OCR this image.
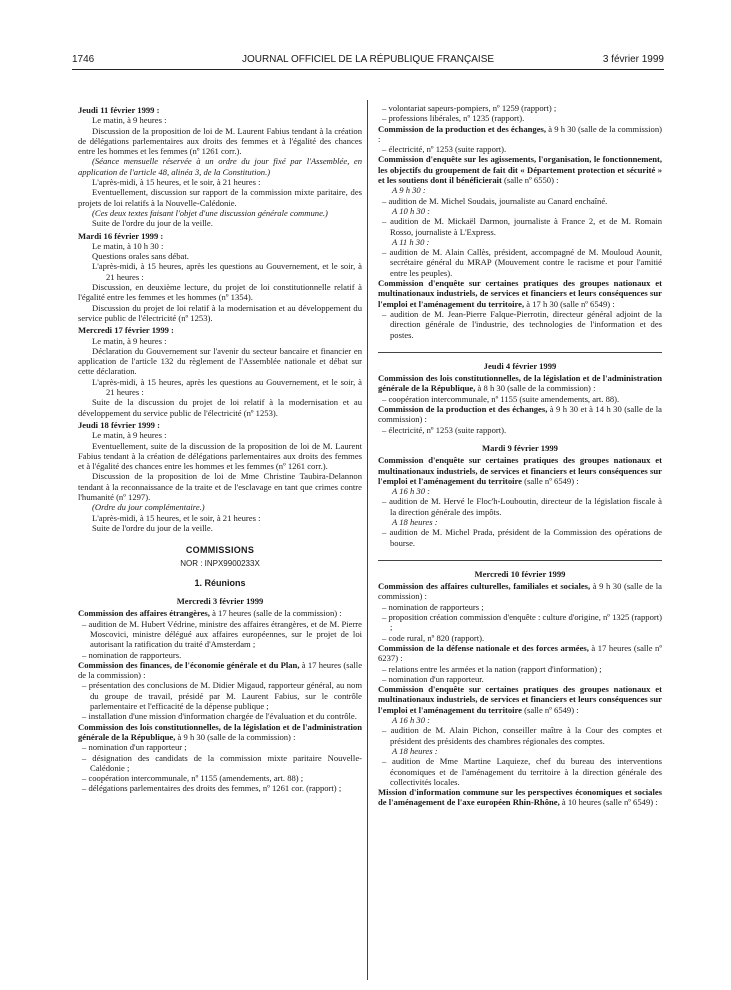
1746	JOURNAL OFFICIEL DE LA RÉPUBLIQUE FRANÇAISE	3 février 1999

Jeudi 11 février 1999 :

Le matin, à 9 heures :

Discussion de la proposition de loi de M. Laurent Fabius tendant à la création de délégations parlementaires aux droits des femmes et à l'égalité des chances entre les hommes et les femmes (nº 1261 corr.).

(Séance mensuelle réservée à un ordre du jour fixé par l'Assemblée, en application de l'article 48, alinéa 3, de la Constitution.)

L'après-midi, à 15 heures, et le soir, à 21 heures :

Eventuellement, discussion sur rapport de la commission mixte paritaire, des projets de loi relatifs à la Nouvelle-Calédonie.

(Ces deux textes faisant l'objet d'une discussion générale commune.)

Suite de l'ordre du jour de la veille.

Mardi 16 février 1999 :

Le matin, à 10 h 30 :

Questions orales sans débat.

L'après-midi, à 15 heures, après les questions au Gouvernement, et le soir, à 21 heures :

Discussion, en deuxième lecture, du projet de loi constitutionnelle relatif à l'égalité entre les femmes et les hommes (nº 1354).

Discussion du projet de loi relatif à la modernisation et au développement du service public de l'électricité (nº 1253).

Mercredi 17 février 1999 :

Le matin, à 9 heures :

Déclaration du Gouvernement sur l'avenir du secteur bancaire et financier en application de l'article 132 du règlement de l'Assemblée nationale et débat sur cette déclaration.

L'après-midi, à 15 heures, après les questions au Gouvernement, et le soir, à 21 heures :

Suite de la discussion du projet de loi relatif à la modernisation et au développement du service public de l'électricité (nº 1253).

Jeudi 18 février 1999 :

Le matin, à 9 heures :

Eventuellement, suite de la discussion de la proposition de loi de M. Laurent Fabius tendant à la création de délégations parlementaires aux droits des femmes et à l'égalité des chances entre les hommes et les femmes (nº 1261 corr.).

Discussion de la proposition de loi de Mme Christine Taubira-Delannon tendant à la reconnaissance de la traite et de l'esclavage en tant que crimes contre l'humanité (nº 1297).

(Ordre du jour complémentaire.)

L'après-midi, à 15 heures, et le soir, à 21 heures :

Suite de l'ordre du jour de la veille.

COMMISSIONS

NOR : INPX9900233X

1. Réunions

Mercredi 3 février 1999

Commission des affaires étrangères, à 17 heures (salle de la commission) :

– audition de M. Hubert Védrine, ministre des affaires étrangères, et de M. Pierre Moscovici, ministre délégué aux affaires européennes, sur le projet de loi autorisant la ratification du traité d'Amsterdam ;

– nomination de rapporteurs.

Commission des finances, de l'économie générale et du Plan, à 17 heures (salle de la commission) :

– présentation des conclusions de M. Didier Migaud, rapporteur général, au nom du groupe de travail, présidé par M. Laurent Fabius, sur le contrôle parlementaire et l'efficacité de la dépense publique ;

– installation d'une mission d'information chargée de l'évaluation et du contrôle.

Commission des lois constitutionnelles, de la législation et de l'administration générale de la République, à 9 h 30 (salle de la commission) :

– nomination d'un rapporteur ;

– désignation des candidats de la commission mixte paritaire Nouvelle-Calédonie ;

– coopération intercommunale, nº 1155 (amendements, art. 88) ;

– délégations parlementaires des droits des femmes, nº 1261 cor. (rapport) ;

– volontariat sapeurs-pompiers, nº 1259 (rapport) ;

– professions libérales, nº 1235 (rapport).

Commission de la production et des échanges, à 9 h 30 (salle de la commission) :

– électricité, nº 1253 (suite rapport).

Commission d'enquête sur les agissements, l'organisation, le fonctionnement, les objectifs du groupement de fait dit « Département protection et sécurité » et les soutiens dont il bénéficierait (salle nº 6550) :

A 9 h 30 :

– audition de M. Michel Soudais, journaliste au Canard enchaîné.

A 10 h 30 :

– audition de M. Mickaël Darmon, journaliste à France 2, et de M. Romain Rosso, journaliste à L'Express.

A 11 h 30 :

– audition de M. Alain Callès, président, accompagné de M. Mouloud Aounit, secrétaire général du MRAP (Mouvement contre le racisme et pour l'amitié entre les peuples).

Commission d'enquête sur certaines pratiques des groupes nationaux et multinationaux industriels, de services et financiers et leurs conséquences sur l'emploi et l'aménagement du territoire, à 17 h 30 (salle nº 6549) :

– audition de M. Jean-Pierre Falque-Pierrotin, directeur général adjoint de la direction générale de l'industrie, des technologies de l'information et des postes.

Jeudi 4 février 1999

Commission des lois constitutionnelles, de la législation et de l'administration générale de la République, à 8 h 30 (salle de la commission) :

– coopération intercommunale, nº 1155 (suite amendements, art. 88).

Commission de la production et des échanges, à 9 h 30 et à 14 h 30 (salle de la commission) :

– électricité, nº 1253 (suite rapport).

Mardi 9 février 1999

Commission d'enquête sur certaines pratiques des groupes nationaux et multinationaux industriels, de services et financiers et leurs conséquences sur l'emploi et l'aménagement du territoire (salle nº 6549) :

A 16 h 30 :

– audition de M. Hervé le Floc'h-Louboutin, directeur de la législation fiscale à la direction générale des impôts.

A 18 heures :

– audition de M. Michel Prada, président de la Commission des opérations de bourse.

Mercredi 10 février 1999

Commission des affaires culturelles, familiales et sociales, à 9 h 30 (salle de la commission) :

– nomination de rapporteurs ;

– proposition création commission d'enquête : culture d'origine, nº 1325 (rapport) ;

– code rural, nº 820 (rapport).

Commission de la défense nationale et des forces armées, à 17 heures (salle nº 6237) :

– relations entre les armées et la nation (rapport d'information) ;

– nomination d'un rapporteur.

Commission d'enquête sur certaines pratiques des groupes nationaux et multinationaux industriels, de services et financiers et leurs conséquences sur l'emploi et l'aménagement du territoire (salle nº 6549) :

A 16 h 30 :

– audition de M. Alain Pichon, conseiller maître à la Cour des comptes et président des présidents des chambres régionales des comptes.

A 18 heures :

– audition de Mme Martine Laquieze, chef du bureau des interventions économiques et de l'aménagement du territoire à la direction générale des collectivités locales.

Mission d'information commune sur les perspectives économiques et sociales de l'aménagement de l'axe européen Rhin-Rhône, à 10 heures (salle nº 6549) :
